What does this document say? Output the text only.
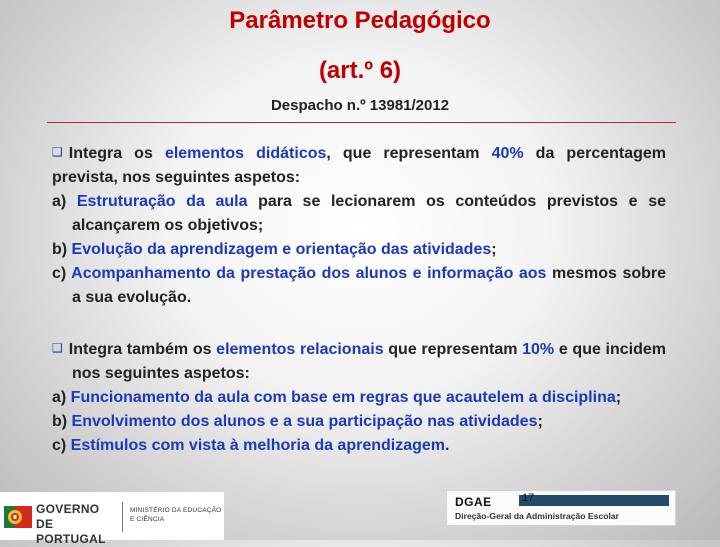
Parâmetro Pedagógico
(art.º 6)
Despacho n.º 13981/2012

❑ Integra os elementos didáticos, que representam 40% da percentagem prevista, nos seguintes aspetos:

a) Estruturação da aula para se lecionarem os conteúdos previstos e se alcançarem os objetivos;

b) Evolução da aprendizagem e orientação das atividades;

c) Acompanhamento da prestação dos alunos e informação aos mesmos sobre a sua evolução.

❑ Integra também os elementos relacionais que representam 10% e que incidem nos seguintes aspetos:

a) Funcionamento da aula com base em regras que acautelem a disciplina;

b) Envolvimento dos alunos e a sua participação nas atividades;

c) Estímulos com vista à melhoria da aprendizagem.

GOVERNO DE
PORTUGAL
MINISTÉRIO DA EDUCAÇÃO
E CIÊNCIA
DGAE
Direção-Geral da Administração Escolar
17
